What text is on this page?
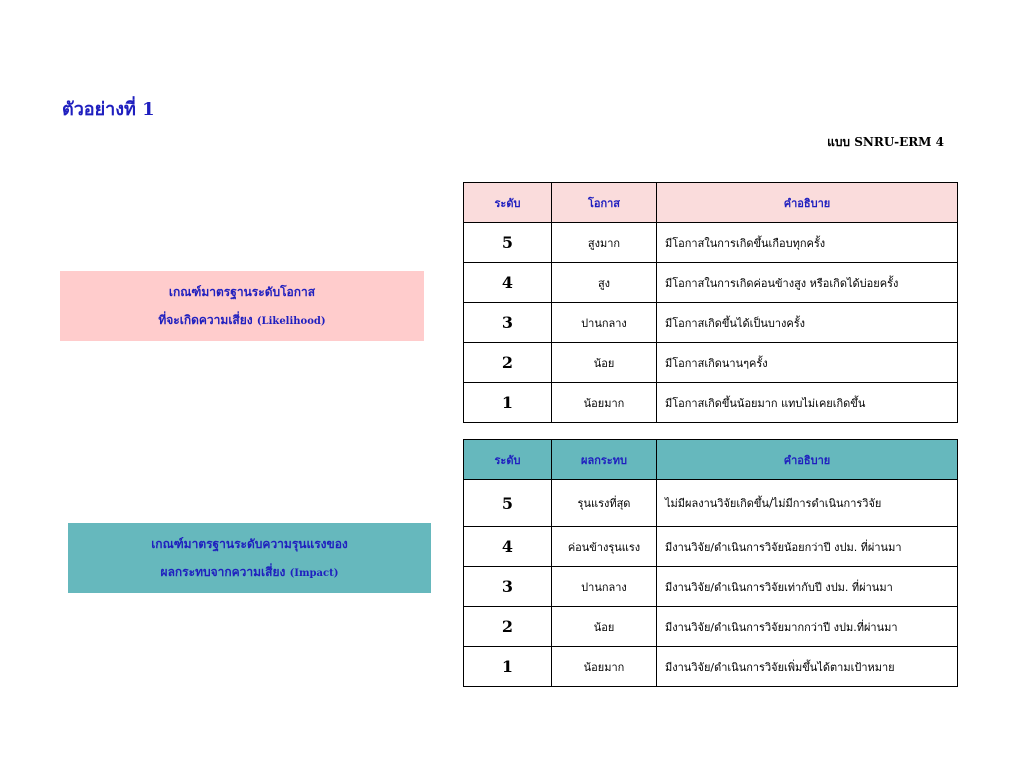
ตัวอย่างที่ 1
แบบ SNRU-ERM 4
เกณฑ์มาตรฐานระดับโอกาส
ที่จะเกิดความเสี่ยง (Likelihood)
เกณฑ์มาตรฐานระดับความรุนแรงของ
ผลกระทบจากความเสี่ยง (Impact)
ระดับ	โอกาส	คำอธิบาย
5	สูงมาก	มีโอกาสในการเกิดขึ้นเกือบทุกครั้ง
4	สูง	มีโอกาสในการเกิดค่อนข้างสูง หรือเกิดได้บ่อยครั้ง
3	ปานกลาง	มีโอกาสเกิดขึ้นได้เป็นบางครั้ง
2	น้อย	มีโอกาสเกิดนานๆครั้ง
1	น้อยมาก	มีโอกาสเกิดขึ้นน้อยมาก แทบไม่เคยเกิดขึ้น
ระดับ	ผลกระทบ	คำอธิบาย
5	รุนแรงที่สุด	ไม่มีผลงานวิจัยเกิดขึ้น/ไม่มีการดำเนินการวิจัย
4	ค่อนข้างรุนแรง	มีงานวิจัย/ดำเนินการวิจัยน้อยกว่าปี งปม. ที่ผ่านมา
3	ปานกลาง	มีงานวิจัย/ดำเนินการวิจัยเท่ากับปี งปม. ที่ผ่านมา
2	น้อย	มีงานวิจัย/ดำเนินการวิจัยมากกว่าปี งปม.ที่ผ่านมา
1	น้อยมาก	มีงานวิจัย/ดำเนินการวิจัยเพิ่มขึ้นได้ตามเป้าหมาย
